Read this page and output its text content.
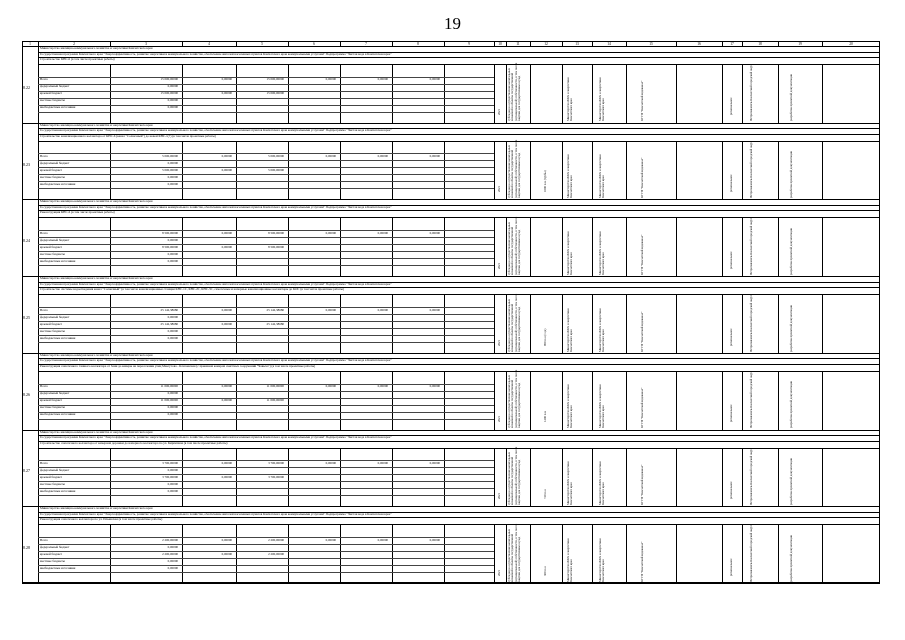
19
1	2	3	4	5	6	7	8	9	10	11	12	13	14	15	16	17	18	19	20
Министерство жилищно-коммунального хозяйства и энергетики Камчатского края
Государственная программа Камчатского края "Энергоэффективность, развитие энергетики и коммунального хозяйства, обеспечение жителей населенных пунктов Камчатского края коммунальными услугами" Подпрограмма "Чистая вода в Камчатском крае"
Строительство КНС-6 (в том числе проектные работы)
8.22
Всего	15 000,00000	0,00000	15 000,00000	0,00000	0,00000	0,00000
федеральный бюджет	0,00000
краевой бюджет	15 000,00000	0,00000	15 000,00000
местные бюджеты	0,00000
внебюджетные источники	0,00000
2021 субсидия на осуществление капитальных вложений в объекты государственной (муниципальной) собственности, в том числе закупки для государственных нужд	Министерство ЖКХ и энергетики Камчатского края	Министерство ЖКХ и энергетики Камчатского края	КГУП "Камчатский водоканал"	региональное	Петропавловск-Камчатский городской округ	разработка проектной документации
Министерство жилищно-коммунального хозяйства и энергетики Камчатского края
Государственная программа Камчатского края "Энергоэффективность, развитие энергетики и коммунального хозяйства, обеспечение жителей населенных пунктов Камчатского края коммунальными услугами" Подпрограмма "Чистая вода в Камчатском крае"
Строительство канализационного коллектора от КНС-6 (канал "Солнечный") до новой КНС-1(7) (в том числе проектные работы)
8.23
Всего	5 000,00000	0,00000	5 000,00000	0,00000	0,00000	0,00000
федеральный бюджет	0,00000
краевой бюджет	5 000,00000	0,00000	5 000,00000
местные бюджеты	0,00000
внебюджетные источники	0,00000
2021 субсидия на осуществление капитальных вложений в объекты государственной (муниципальной) собственности, в том числе закупки для государственных нужд	1000 п.м (трубы)	Министерство ЖКХ и энергетики Камчатского края	Министерство ЖКХ и энергетики Камчатского края	КГУП "Камчатский водоканал"	региональное	Петропавловск-Камчатский городской округ	разработка проектной документации
Министерство жилищно-коммунального хозяйства и энергетики Камчатского края
Государственная программа Камчатского края "Энергоэффективность, развитие энергетики и коммунального хозяйства, обеспечение жителей населенных пунктов Камчатского края коммунальными услугами" Подпрограмма "Чистая вода в Камчатском крае"
Реконструкция КНС-6 (в том числе проектные работы)
8.24
Всего	8 500,00000	0,00000	8 500,00000	0,00000	0,00000	0,00000
федеральный бюджет	0,00000
краевой бюджет	8 500,00000	0,00000	8 500,00000
местные бюджеты	0,00000
внебюджетные источники	0,00000
2021 субсидия на осуществление капитальных вложений в объекты государственной (муниципальной) собственности, в том числе закупки для государственных нужд	Министерство ЖКХ и энергетики Камчатского края	Министерство ЖКХ и энергетики Камчатского края	КГУП "Камчатский водоканал"	региональное	Петропавловск-Камчатский городской округ	разработка проектной документации
Министерство жилищно-коммунального хозяйства и энергетики Камчатского края
Государственная программа Камчатского края "Энергоэффективность, развитие энергетики и коммунального хозяйства, обеспечение жителей населенных пунктов Камчатского края коммунальными услугами" Подпрограмма "Чистая вода в Камчатском крае"
Строительство системы водоотведения канал "Солнечный" (в том числе канализационные станции КНС-1С, КНС-2С, КНС-3С, самотечные и напорные канализационные коллекторы до КОС (в том числе проектные работы)
8.25
Всего	25 142,38680	0,00000	25 142,38680	0,00000	0,00000	0,00000
федеральный бюджет	0,00000
краевой бюджет	25 142,38680	0,00000	25 142,38680
местные бюджеты	0,00000
внебюджетные источники	0,00000
2021 субсидия на осуществление капитальных вложений в объекты государственной (муниципальной) собственности, в том числе закупки для государственных нужд	900 п.м (1 ед)	Министерство ЖКХ и энергетики Камчатского края	Министерство ЖКХ и энергетики Камчатского края	КГУП "Камчатский водоканал"	региональное	Петропавловск-Камчатский городской округ	разработка проектной документации
Министерство жилищно-коммунального хозяйства и энергетики Камчатского края
Государственная программа Камчатского края "Энергоэффективность, развитие энергетики и коммунального хозяйства, обеспечение жителей населенных пунктов Камчатского края коммунальными услугами" Подпрограмма "Чистая вода в Камчатском крае"
Реконструкция самотечного главного коллектора от бани до камеры на пересечении улиц Максутова - Ключевская (с приемной камерой очистных сооружений "Чавыча") (в том числе проектные работы)
8.26
Всего	11 000,00000	0,00000	11 000,00000	0,00000	0,00000	0,00000
федеральный бюджет	0,00000
краевой бюджет	11 000,00000	0,00000	11 000,00000
местные бюджеты	0,00000
внебюджетные источники	0,00000
2021 субсидия на осуществление капитальных вложений в объекты государственной (муниципальной) собственности, в том числе закупки для государственных нужд	1200 п.м	Министерство ЖКХ и энергетики Камчатского края	Министерство ЖКХ и энергетики Камчатского края	КГУП "Камчатский водоканал"	региональное	Петропавловск-Камчатский городской округ	разработка проектной документации
Министерство жилищно-коммунального хозяйства и энергетики Камчатского края
Государственная программа Камчатского края "Энергоэффективность, развитие энергетики и коммунального хозяйства, обеспечение жителей населенных пунктов Камчатского края коммунальными услугами" Подпрограмма "Чистая вода в Камчатском крае"
Строительство самотечного коллектора от камерной дорожки до напорного коллектора по ул. Кирпичная (в том числе проектные работы)
8.27
Всего	3 700,00000	0,00000	3 700,00000	0,00000	0,00000	0,00000
федеральный бюджет	0,00000
краевой бюджет	3 700,00000	0,00000	3 700,00000
местные бюджеты	0,00000
внебюджетные источники	0,00000
2021 субсидия на осуществление капитальных вложений в объекты государственной (муниципальной) собственности, в том числе закупки для государственных нужд	720 п.м	Министерство ЖКХ и энергетики Камчатского края	Министерство ЖКХ и энергетики Камчатского края	КГУП "Камчатский водоканал"	региональное	Петропавловск-Камчатский городской округ	разработка проектной документации
Министерство жилищно-коммунального хозяйства и энергетики Камчатского края
Государственная программа Камчатского края "Энергоэффективность, развитие энергетики и коммунального хозяйства, обеспечение жителей населенных пунктов Камчатского края коммунальными услугами" Подпрограмма "Чистая вода в Камчатском крае"
Реконструкция самотечного коллектора по ул. Ильинская (в том числе проектные работы)
8.28
Всего	2 200,00000	0,00000	2 200,00000	0,00000	0,00000	0,00000
федеральный бюджет	0,00000
краевой бюджет	2 200,00000	0,00000	2 200,00000
местные бюджеты	0,00000
внебюджетные источники	0,00000
2021 субсидия на осуществление капитальных вложений в объекты государственной (муниципальной) собственности, в том числе закупки для государственных нужд	300 п.м	Министерство ЖКХ и энергетики Камчатского края	Министерство ЖКХ и энергетики Камчатского края	КГУП "Камчатский водоканал"	региональное	Петропавловск-Камчатский городской округ	разработка проектной документации
